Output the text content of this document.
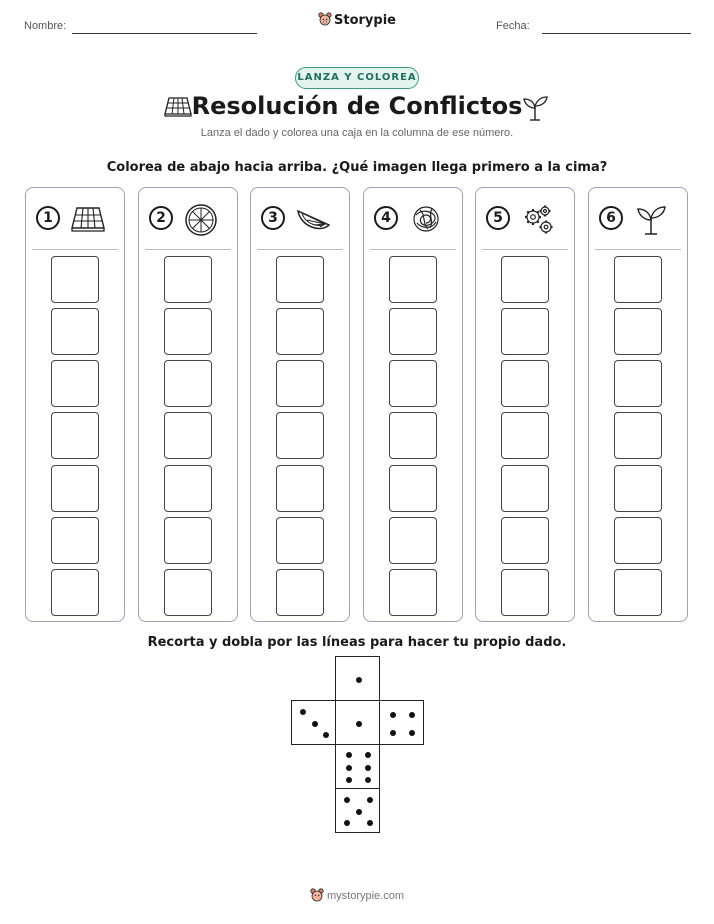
Nombre:	Storypie	Fecha:
LANZA Y COLOREA
Resolución de Conflictos
Lanza el dado y colorea una caja en la columna de ese número.
Colorea de abajo hacia arriba. ¿Qué imagen llega primero a la cima?
1	2	3	4	5	6
Recorta y dobla por las líneas para hacer tu propio dado.
mystorypie.com
